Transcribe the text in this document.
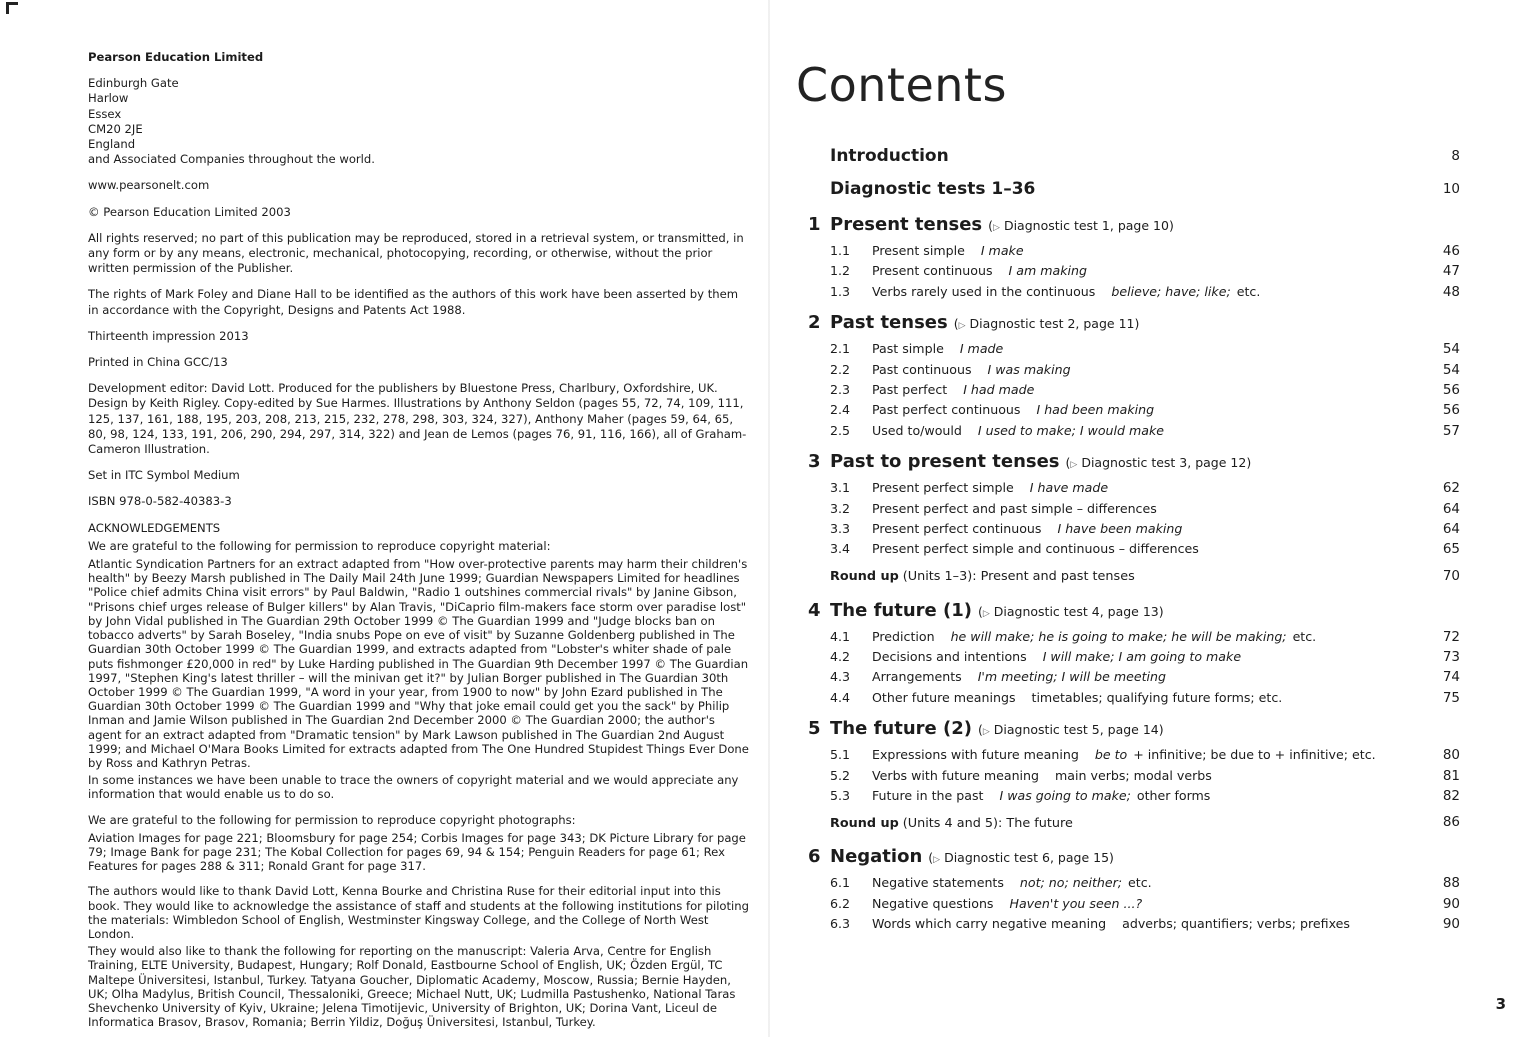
Pearson Education Limited

Edinburgh Gate
Harlow
Essex
CM20 2JE
England
and Associated Companies throughout the world.

www.pearsonelt.com

© Pearson Education Limited 2003

All rights reserved; no part of this publication may be reproduced, stored in a retrieval system, or transmitted, in any form or by any means, electronic, mechanical, photocopying, recording, or otherwise, without the prior written permission of the Publisher.

The rights of Mark Foley and Diane Hall to be identified as the authors of this work have been asserted by them in accordance with the Copyright, Designs and Patents Act 1988.

Thirteenth impression 2013

Printed in China GCC/13

Development editor: David Lott. Produced for the publishers by Bluestone Press, Charlbury, Oxfordshire, UK. Design by Keith Rigley. Copy-edited by Sue Harmes. Illustrations by Anthony Seldon (pages 55, 72, 74, 109, 111, 125, 137, 161, 188, 195, 203, 208, 213, 215, 232, 278, 298, 303, 324, 327), Anthony Maher (pages 59, 64, 65, 80, 98, 124, 133, 191, 206, 290, 294, 297, 314, 322) and Jean de Lemos (pages 76, 91, 116, 166), all of Graham-Cameron Illustration.

Set in ITC Symbol Medium

ISBN 978-0-582-40383-3

ACKNOWLEDGEMENTS

We are grateful to the following for permission to reproduce copyright material:

Atlantic Syndication Partners for an extract adapted from "How over-protective parents may harm their children's health" by Beezy Marsh published in The Daily Mail 24th June 1999; Guardian Newspapers Limited for headlines "Police chief admits China visit errors" by Paul Baldwin, "Radio 1 outshines commercial rivals" by Janine Gibson, "Prisons chief urges release of Bulger killers" by Alan Travis, "DiCaprio film-makers face storm over paradise lost" by John Vidal published in The Guardian 29th October 1999 © The Guardian 1999 and "Judge blocks ban on tobacco adverts" by Sarah Boseley, "India snubs Pope on eve of visit" by Suzanne Goldenberg published in The Guardian 30th October 1999 © The Guardian 1999, and extracts adapted from "Lobster's whiter shade of pale puts fishmonger £20,000 in red" by Luke Harding published in The Guardian 9th December 1997 © The Guardian 1997, "Stephen King's latest thriller – will the minivan get it?" by Julian Borger published in The Guardian 30th October 1999 © The Guardian 1999, "A word in your year, from 1900 to now" by John Ezard published in The Guardian 30th October 1999 © The Guardian 1999 and "Why that joke email could get you the sack" by Philip Inman and Jamie Wilson published in The Guardian 2nd December 2000 © The Guardian 2000; the author's agent for an extract adapted from "Dramatic tension" by Mark Lawson published in The Guardian 2nd August 1999; and Michael O'Mara Books Limited for extracts adapted from The One Hundred Stupidest Things Ever Done by Ross and Kathryn Petras.

In some instances we have been unable to trace the owners of copyright material and we would appreciate any information that would enable us to do so.

We are grateful to the following for permission to reproduce copyright photographs:

Aviation Images for page 221; Bloomsbury for page 254; Corbis Images for page 343; DK Picture Library for page 79; Image Bank for page 231; The Kobal Collection for pages 69, 94 & 154; Penguin Readers for page 61; Rex Features for pages 288 & 311; Ronald Grant for page 317.

The authors would like to thank David Lott, Kenna Bourke and Christina Ruse for their editorial input into this book. They would like to acknowledge the assistance of staff and students at the following institutions for piloting the materials: Wimbledon School of English, Westminster Kingsway College, and the College of North West London.

They would also like to thank the following for reporting on the manuscript: Valeria Arva, Centre for English Training, ELTE University, Budapest, Hungary; Rolf Donald, Eastbourne School of English, UK; Özden Ergül, TC Maltepe Üniversitesi, Istanbul, Turkey. Tatyana Goucher, Diplomatic Academy, Moscow, Russia; Bernie Hayden, UK; Olha Madylus, British Council, Thessaloniki, Greece; Michael Nutt, UK; Ludmilla Pastushenko, National Taras Shevchenko University of Kyiv, Ukraine; Jelena Timotijevic, University of Brighton, UK; Dorina Vant, Liceul de Informatica Brasov, Brasov, Romania; Berrin Yildiz, Doğuş Üniversitesi, Istanbul, Turkey.

Contents
Introduction	8
Diagnostic tests 1–36	10
1 Present tenses (▷ Diagnostic test 1, page 10)
1.1	Present simple I make	46
1.2	Present continuous I am making	47
1.3	Verbs rarely used in the continuous believe; have; like; etc.	48
2 Past tenses (▷ Diagnostic test 2, page 11)
2.1	Past simple I made	54
2.2	Past continuous I was making	54
2.3	Past perfect I had made	56
2.4	Past perfect continuous I had been making	56
2.5	Used to/would I used to make; I would make	57
3 Past to present tenses (▷ Diagnostic test 3, page 12)
3.1	Present perfect simple I have made	62
3.2	Present perfect and past simple – differences	64
3.3	Present perfect continuous I have been making	64
3.4	Present perfect simple and continuous – differences	65
Round up (Units 1–3): Present and past tenses	70
4 The future (1) (▷ Diagnostic test 4, page 13)
4.1	Prediction he will make; he is going to make; he will be making; etc.	72
4.2	Decisions and intentions I will make; I am going to make	73
4.3	Arrangements I'm meeting; I will be meeting	74
4.4	Other future meanings timetables; qualifying future forms; etc.	75
5 The future (2) (▷ Diagnostic test 5, page 14)
5.1	Expressions with future meaning be to + infinitive; be due to + infinitive; etc.	80
5.2	Verbs with future meaning main verbs; modal verbs	81
5.3	Future in the past I was going to make; other forms	82
Round up (Units 4 and 5): The future	86
6 Negation (▷ Diagnostic test 6, page 15)
6.1	Negative statements not; no; neither; etc.	88
6.2	Negative questions Haven't you seen ...?	90
6.3	Words which carry negative meaning adverbs; quantifiers; verbs; prefixes	90
3
